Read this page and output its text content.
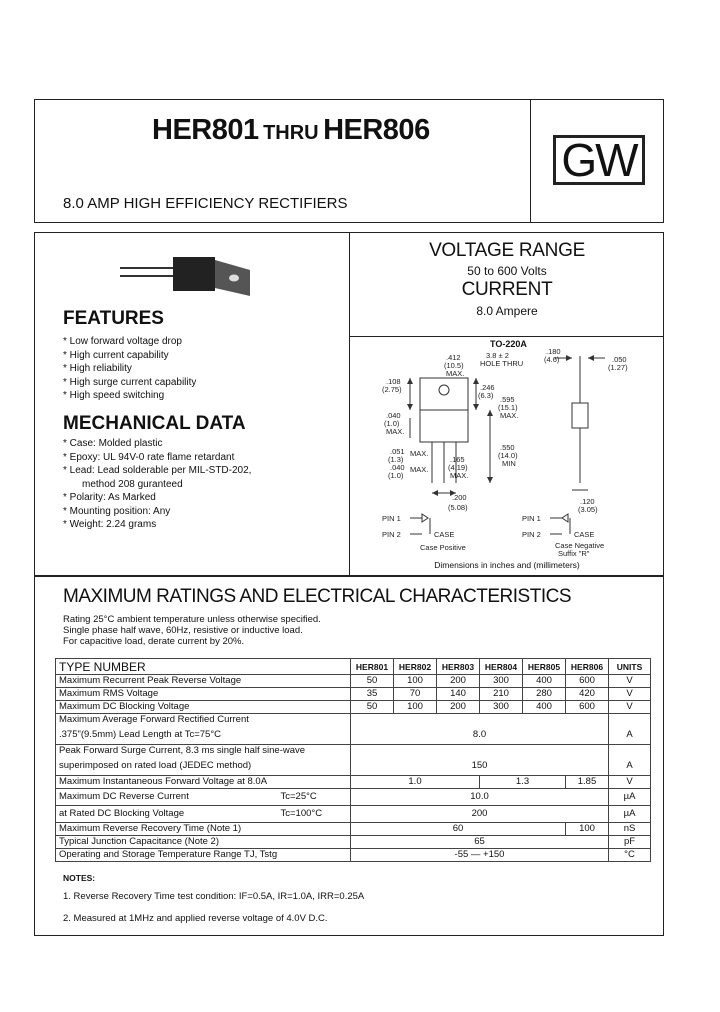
HER801 THRU HER806
GW
8.0 AMP HIGH EFFICIENCY RECTIFIERS
FEATURES
* Low forward voltage drop
* High current capability
* High reliability
* High surge current capability
* High speed switching
MECHANICAL DATA
* Case: Molded plastic
* Epoxy: UL 94V-0 rate flame retardant
* Lead: Lead solderable per MIL-STD-202,
method 208 guranteed
* Polarity: As Marked
* Mounting position: Any
* Weight: 2.24 grams
VOLTAGE RANGE
50 to 600 Volts
CURRENT
8.0 Ampere
TO-220A
.412
(10.5)
MAX.
3.8 ± 2
HOLE THRU
.108
(2.75)	.246
(6.3) .595
(15.1)
MAX.
.040
(1.0)
MAX.
.051
(1.3)
MAX.
.040
(1.0)
MAX.
.165
(4.19)
MAX.
.550
(14.0)
MIN
.200
(5.08)
.180
(4.6)	.050
(1.27)
.120
(3.05)
PIN 1
PIN 2	CASE
Case Positive
PIN 1
PIN 2	CASE
Case Negative
Suffix "R"
Dimensions in inches and (millimeters)
MAXIMUM RATINGS AND ELECTRICAL CHARACTERISTICS
Rating 25°C ambient temperature unless otherwise specified.
Single phase half wave, 60Hz, resistive or inductive load.
For capacitive load, derate current by 20%.
TYPE NUMBER	HER801	HER802	HER803	HER804	HER805	HER806	UNITS
Maximum Recurrent Peak Reverse Voltage	50	100	200	300	400	600	V
Maximum RMS Voltage	35	70	140	210	280	420	V
Maximum DC Blocking Voltage	50	100	200	300	400	600	V
Maximum Average Forward Rectified Current							
.375"(9.5mm) Lead Length at Tc=75°C	8.0						A
Peak Forward Surge Current, 8.3 ms single half sine-wave							
superimposed on rated load (JEDEC method)	150						A
Maximum Instantaneous Forward Voltage at 8.0A	1.0			1.3		1.85	V
Maximum DC Reverse Current Tc=25°C	10.0						µA
at Rated DC Blocking Voltage Tc=100°C	200						µA
Maximum Reverse Recovery Time (Note 1)	60					100	nS
Typical Junction Capacitance (Note 2)	65						pF
Operating and Storage Temperature Range TJ, Tstg	-55 — +150						°C
NOTES:
1. Reverse Recovery Time test condition: IF=0.5A, IR=1.0A, IRR=0.25A
2. Measured at 1MHz and applied reverse voltage of 4.0V D.C.
